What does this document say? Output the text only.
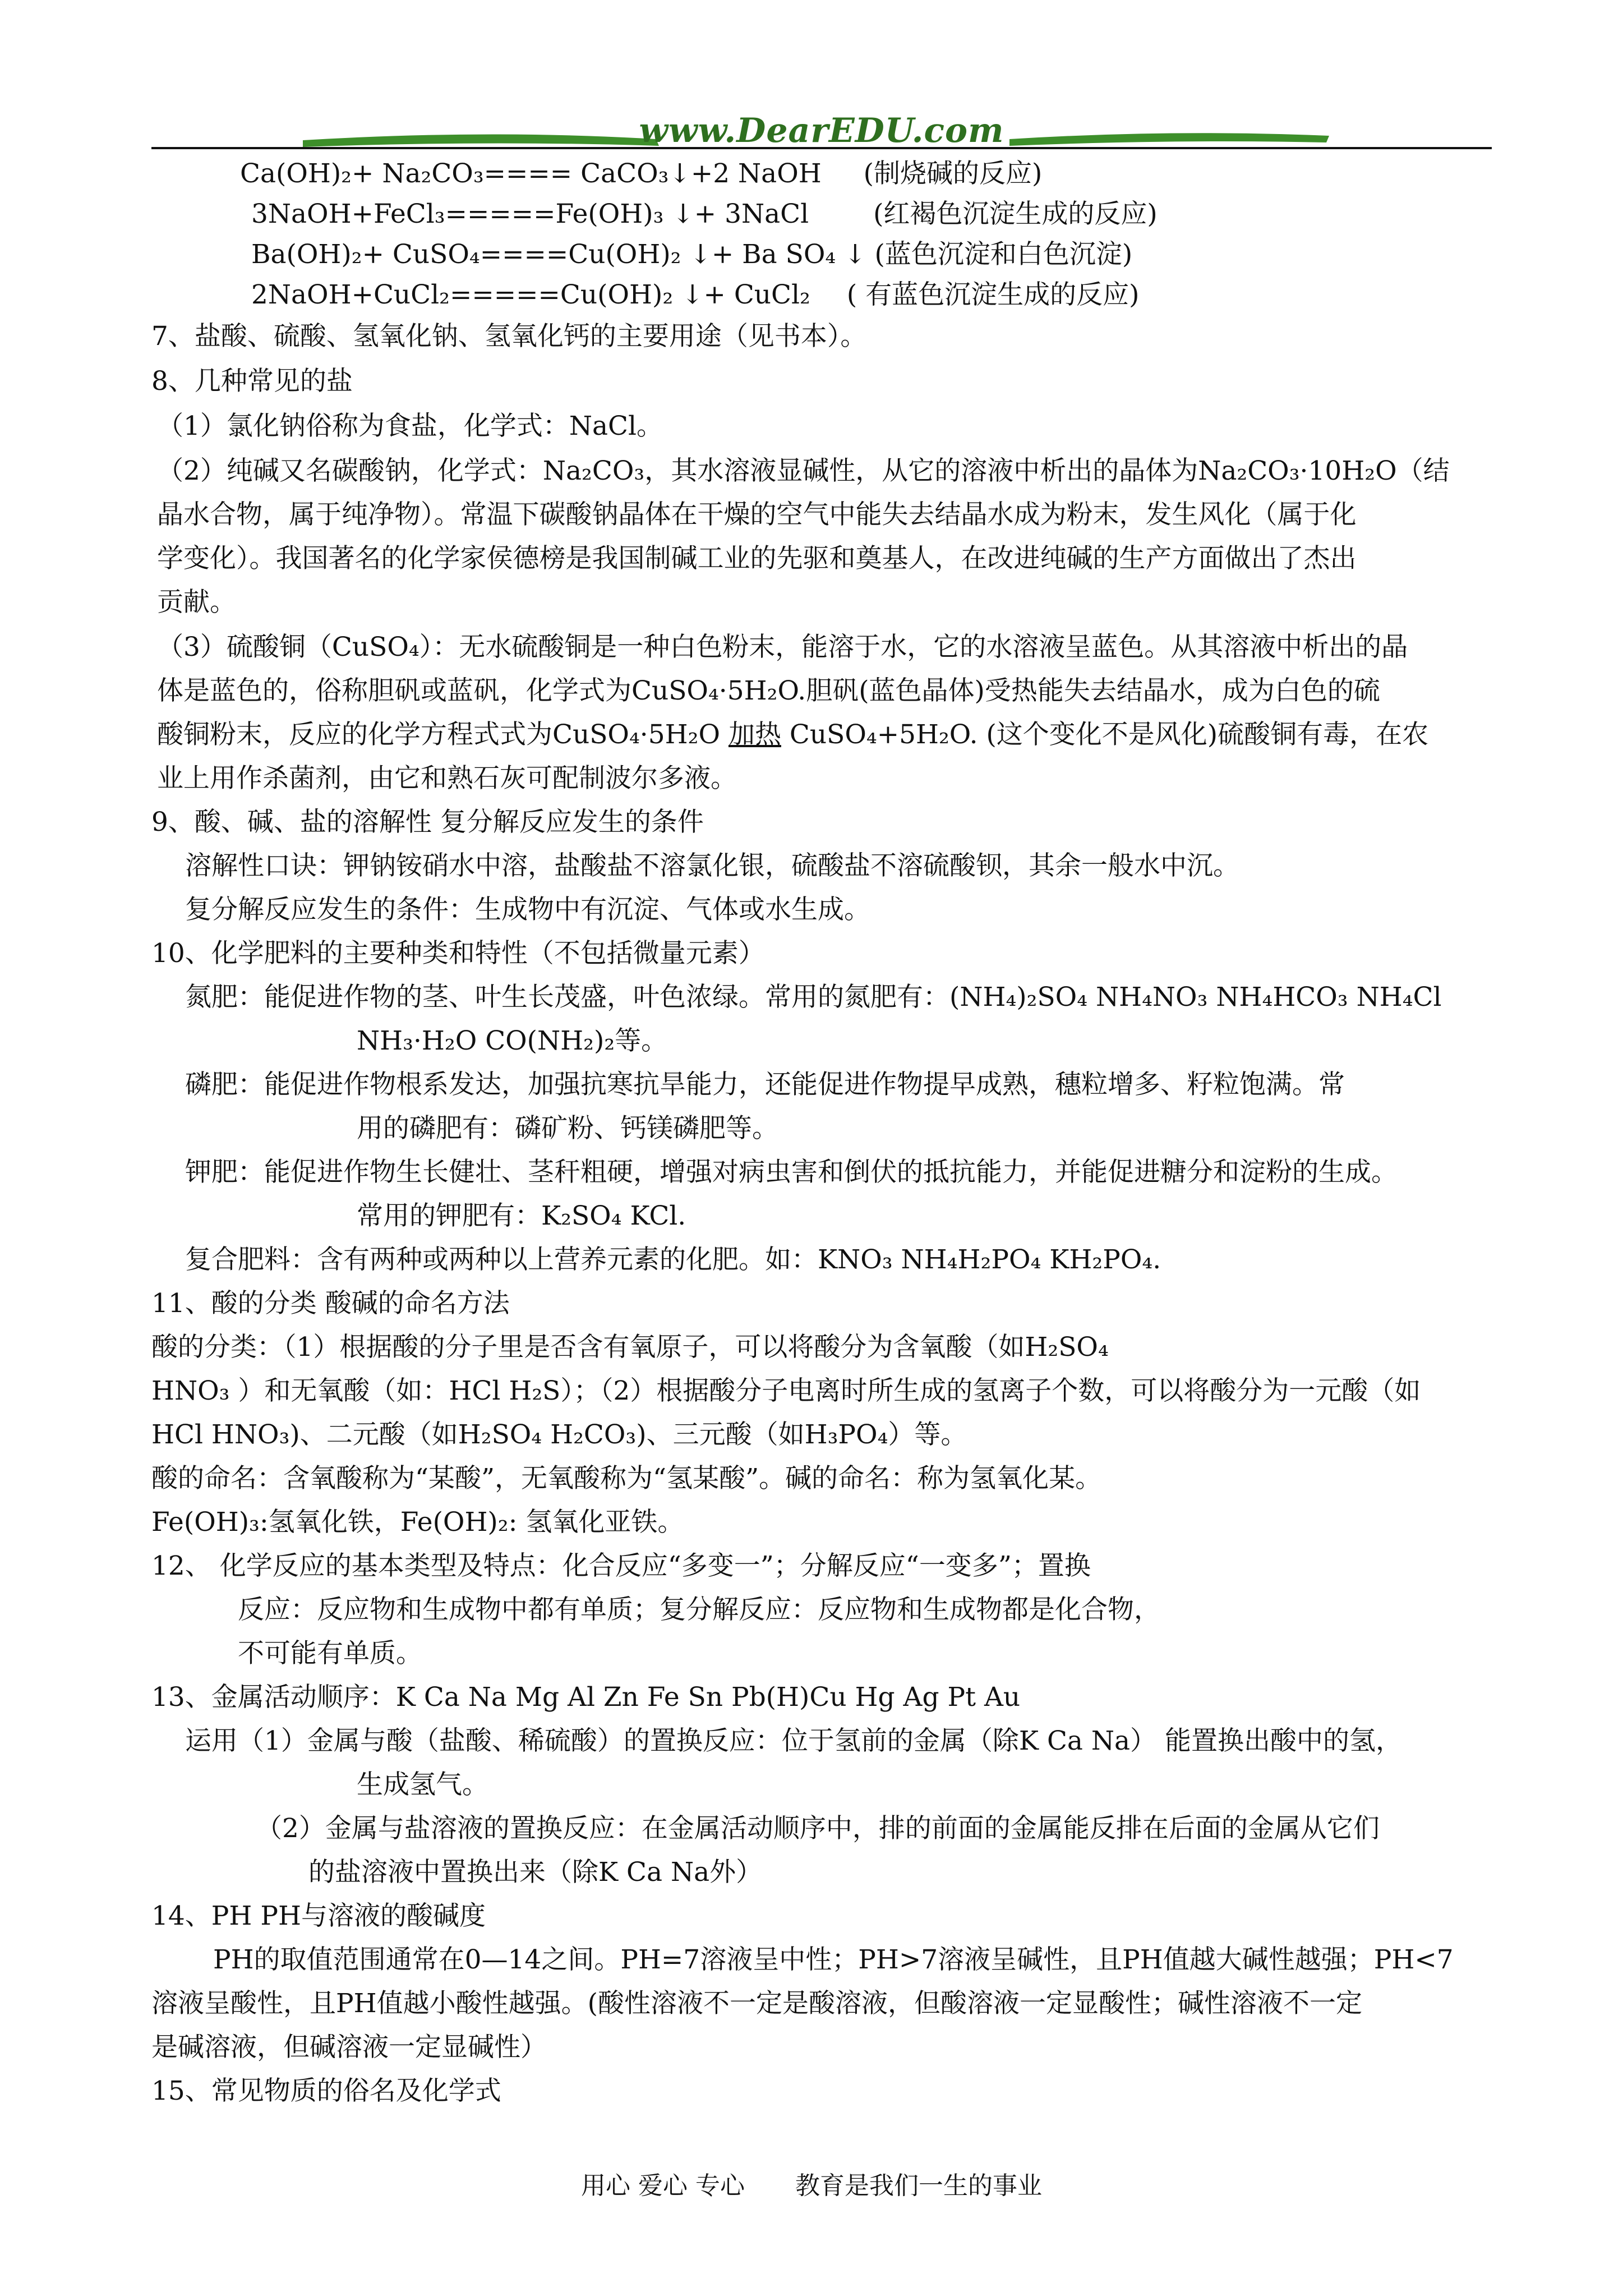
www.DearEDU.com
Ca(OH)₂+ Na₂CO₃==== CaCO₃↓+2 NaOH (制烧碱的反应)
3NaOH+FeCl₃=====Fe(OH)₃ ↓+ 3NaCl (红褐色沉淀生成的反应)
Ba(OH)₂+ CuSO₄====Cu(OH)₂ ↓+ Ba SO₄ ↓ (蓝色沉淀和白色沉淀)
2NaOH+CuCl₂=====Cu(OH)₂ ↓+ CuCl₂ ( 有蓝色沉淀生成的反应)
7、盐酸、硫酸、氢氧化钠、氢氧化钙的主要用途（见书本）。
8、几种常见的盐
（1）氯化钠俗称为食盐，化学式：NaCl。
（2）纯碱又名碳酸钠，化学式：Na₂CO₃，其水溶液显碱性，从它的溶液中析出的晶体为Na₂CO₃·10H₂O（结
晶水合物，属于纯净物）。常温下碳酸钠晶体在干燥的空气中能失去结晶水成为粉末，发生风化（属于化
学变化）。我国著名的化学家侯德榜是我国制碱工业的先驱和奠基人，在改进纯碱的生产方面做出了杰出
贡献。
（3）硫酸铜（CuSO₄）：无水硫酸铜是一种白色粉末，能溶于水，它的水溶液呈蓝色。从其溶液中析出的晶
体是蓝色的，俗称胆矾或蓝矾，化学式为CuSO₄·5H₂O.胆矾(蓝色晶体)受热能失去结晶水，成为白色的硫
酸铜粉末，反应的化学方程式式为CuSO₄·5H₂O 加热 CuSO₄+5H₂O. (这个变化不是风化)硫酸铜有毒，在农
业上用作杀菌剂，由它和熟石灰可配制波尔多液。
9、酸、碱、盐的溶解性 复分解反应发生的条件
溶解性口诀：钾钠铵硝水中溶，盐酸盐不溶氯化银，硫酸盐不溶硫酸钡，其余一般水中沉。
复分解反应发生的条件：生成物中有沉淀、气体或水生成。
10、化学肥料的主要种类和特性（不包括微量元素）
氮肥：能促进作物的茎、叶生长茂盛，叶色浓绿。常用的氮肥有：(NH₄)₂SO₄ NH₄NO₃ NH₄HCO₃ NH₄Cl
NH₃·H₂O CO(NH₂)₂等。
磷肥：能促进作物根系发达，加强抗寒抗旱能力，还能促进作物提早成熟，穗粒增多、籽粒饱满。常
用的磷肥有：磷矿粉、钙镁磷肥等。
钾肥：能促进作物生长健壮、茎秆粗硬，增强对病虫害和倒伏的抵抗能力，并能促进糖分和淀粉的生成。
常用的钾肥有：K₂SO₄ KCl.
复合肥料：含有两种或两种以上营养元素的化肥。如：KNO₃ NH₄H₂PO₄ KH₂PO₄.
11、酸的分类 酸碱的命名方法
酸的分类：（1）根据酸的分子里是否含有氧原子，可以将酸分为含氧酸（如H₂SO₄
HNO₃ ）和无氧酸（如：HCl H₂S）；（2）根据酸分子电离时所生成的氢离子个数，可以将酸分为一元酸（如
HCl HNO₃)、二元酸（如H₂SO₄ H₂CO₃)、三元酸（如H₃PO₄）等。
酸的命名：含氧酸称为“某酸”，无氧酸称为“氢某酸”。碱的命名：称为氢氧化某。
Fe(OH)₃:氢氧化铁，Fe(OH)₂: 氢氧化亚铁。
12、 化学反应的基本类型及特点：化合反应“多变一”；分解反应“一变多”；置换
反应：反应物和生成物中都有单质；复分解反应：反应物和生成物都是化合物，
不可能有单质。
13、金属活动顺序：K Ca Na Mg Al Zn Fe Sn Pb(H)Cu Hg Ag Pt Au
运用（1）金属与酸（盐酸、稀硫酸）的置换反应：位于氢前的金属（除K Ca Na） 能置换出酸中的氢，
生成氢气。
（2）金属与盐溶液的置换反应：在金属活动顺序中，排的前面的金属能反排在后面的金属从它们
的盐溶液中置换出来（除K Ca Na外）
14、PH PH与溶液的酸碱度
PH的取值范围通常在0—14之间。PH=7溶液呈中性；PH>7溶液呈碱性，且PH值越大碱性越强；PH<7
溶液呈酸性，且PH值越小酸性越强。(酸性溶液不一定是酸溶液，但酸溶液一定显酸性；碱性溶液不一定
是碱溶液，但碱溶液一定显碱性）
15、常见物质的俗名及化学式
用心 爱心 专心 教育是我们一生的事业
